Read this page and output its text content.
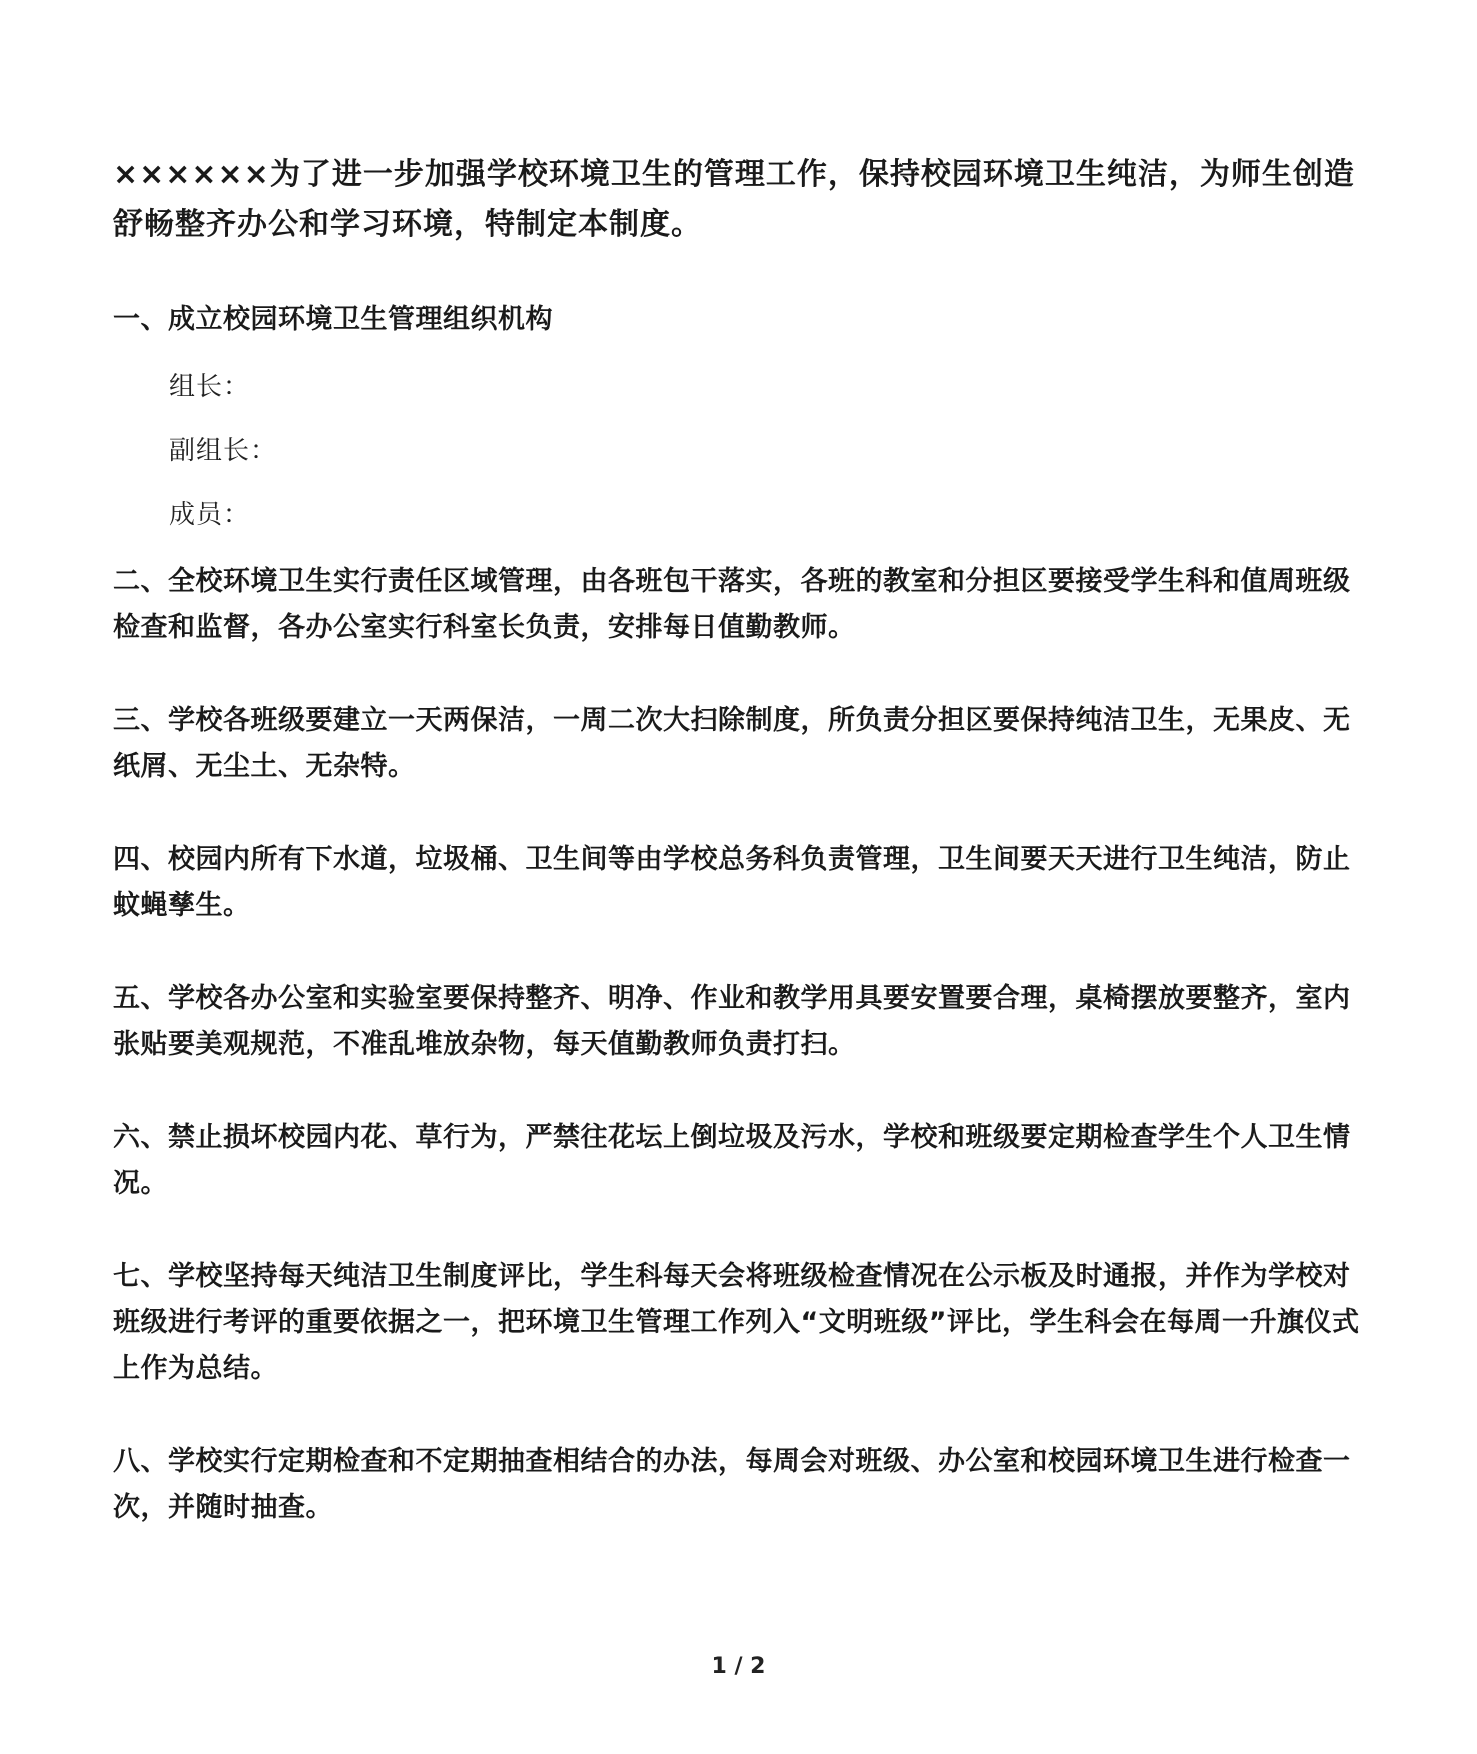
××××××为了进一步加强学校环境卫生的管理工作，保持校园环境卫生纯洁，为师生创造舒畅整齐办公和学习环境，特制定本制度。

一、成立校园环境卫生管理组织机构

组长：

副组长：

成员：

二、全校环境卫生实行责任区域管理，由各班包干落实，各班的教室和分担区要接受学生科和值周班级检查和监督，各办公室实行科室长负责，安排每日值勤教师。

三、学校各班级要建立一天两保洁，一周二次大扫除制度，所负责分担区要保持纯洁卫生，无果皮、无纸屑、无尘土、无杂特。

四、校园内所有下水道，垃圾桶、卫生间等由学校总务科负责管理，卫生间要天天进行卫生纯洁，防止蚊蝇孳生。

五、学校各办公室和实验室要保持整齐、明净、作业和教学用具要安置要合理，桌椅摆放要整齐，室内张贴要美观规范，不准乱堆放杂物，每天值勤教师负责打扫。

六、禁止损坏校园内花、草行为，严禁往花坛上倒垃圾及污水，学校和班级要定期检查学生个人卫生情况。

七、学校坚持每天纯洁卫生制度评比，学生科每天会将班级检查情况在公示板及时通报，并作为学校对班级进行考评的重要依据之一，把环境卫生管理工作列入“文明班级”评比，学生科会在每周一升旗仪式上作为总结。

八、学校实行定期检查和不定期抽查相结合的办法，每周会对班级、办公室和校园环境卫生进行检查一次，并随时抽查。

1 / 2
